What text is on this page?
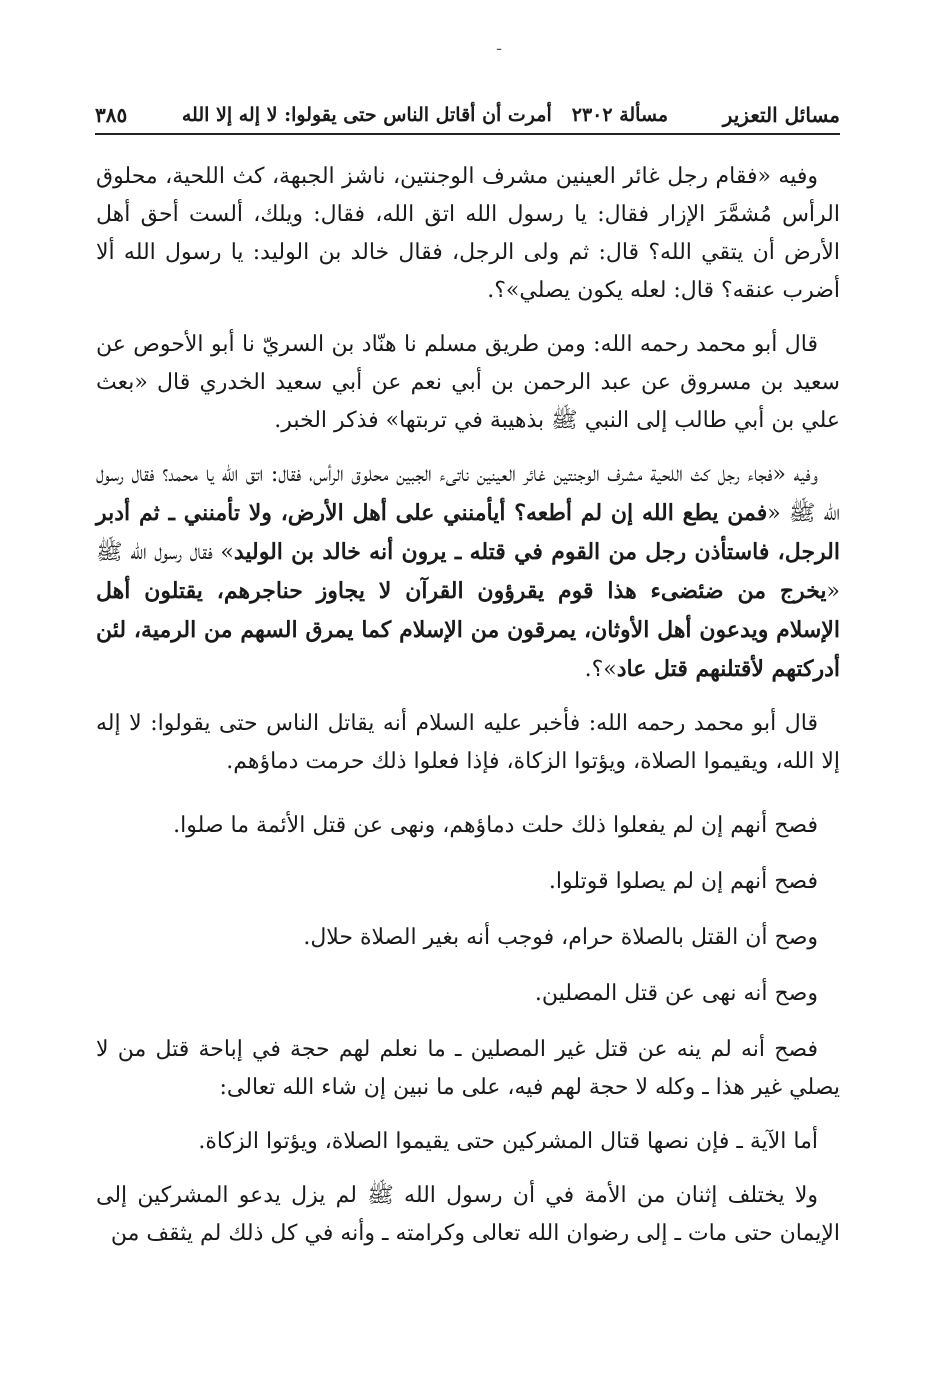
ـ
مسائل التعزير
مسألة ٢٣٠٢أمرت أن أقاتل الناس حتى يقولوا: لا إله إلا الله
٣٨٥

وفيه «فقام رجل غائر العينين مشرف الوجنتين، ناشز الجبهة، كث اللحية، محلوق الرأس مُشمَّرَ الإزار فقال: يا رسول الله اتق الله، فقال: ويلك، ألست أحق أهل الأرض أن يتقي الله؟ قال: ثم ولى الرجل، فقال خالد بن الوليد: يا رسول الله ألا أضرب عنقه؟ قال: لعله يكون يصلي»؟.

قال أبو محمد رحمه الله: ومن طريق مسلم نا هنّاد بن السريّ نا أبو الأحوص عن سعيد بن مسروق عن عبد الرحمن بن أبي نعم عن أبي سعيد الخدري قال «بعث علي بن أبي طالب إلى النبي ﷺ بذهيبة في تربتها» فذكر الخبر.

وفيه «فجاء رجل كث اللحية مشرف الوجنتين غائر العينين ناتىء الجبين محلوق الرأس، فقال: اتق الله يا محمد؟ فقال رسول الله ﷺ «فمن يطع الله إن لم أطعه؟ أيأمنني على أهل الأرض، ولا تأمنني ـ ثم أدبر الرجل، فاستأذن رجل من القوم في قتله ـ يرون أنه خالد بن الوليد» فقال رسول الله ﷺ «يخرج من ضئضىء هذا قوم يقرؤون القرآن لا يجاوز حناجرهم، يقتلون أهل الإسلام ويدعون أهل الأوثان، يمرقون من الإسلام كما يمرق السهم من الرمية، لئن أدركتهم لأقتلنهم قتل عاد»؟.

قال أبو محمد رحمه الله: فأخبر عليه السلام أنه يقاتل الناس حتى يقولوا: لا إله إلا الله، ويقيموا الصلاة، ويؤتوا الزكاة، فإذا فعلوا ذلك حرمت دماؤهم.

فصح أنهم إن لم يفعلوا ذلك حلت دماؤهم، ونهى عن قتل الأئمة ما صلوا.

فصح أنهم إن لم يصلوا قوتلوا.

وصح أن القتل بالصلاة حرام، فوجب أنه بغير الصلاة حلال.

وصح أنه نهى عن قتل المصلين.

فصح أنه لم ينه عن قتل غير المصلين ـ ما نعلم لهم حجة في إباحة قتل من لا يصلي غير هذا ـ وكله لا حجة لهم فيه، على ما نبين إن شاء الله تعالى:

أما الآية ـ فإن نصها قتال المشركين حتى يقيموا الصلاة، ويؤتوا الزكاة.

ولا يختلف إثنان من الأمة في أن رسول الله ﷺ لم يزل يدعو المشركين إلى الإيمان حتى مات ـ إلى رضوان الله تعالى وكرامته ـ وأنه في كل ذلك لم يثقف من
